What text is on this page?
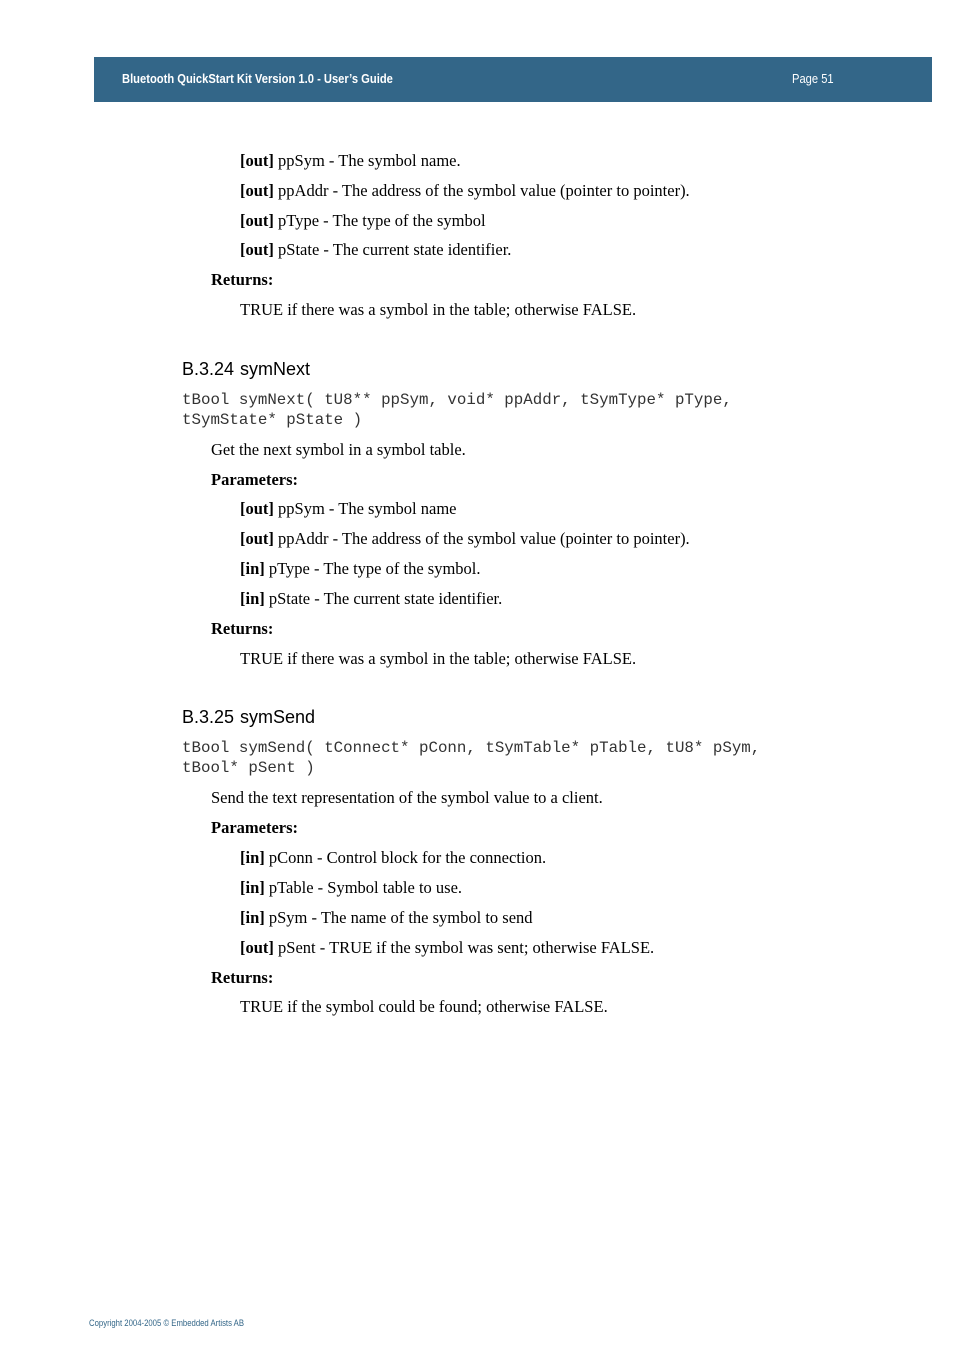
Bluetooth QuickStart Kit Version 1.0 - User’s Guide	Page 51
[out] ppSym - The symbol name.
[out] ppAddr - The address of the symbol value (pointer to pointer).
[out] pType - The type of the symbol
[out] pState - The current state identifier.
Returns:
TRUE if there was a symbol in the table; otherwise FALSE.
B.3.24 symNext
tBool symNext( tU8** ppSym, void* ppAddr, tSymType* pType,
tSymState* pState )
Get the next symbol in a symbol table.
Parameters:
[out] ppSym - The symbol name
[out] ppAddr - The address of the symbol value (pointer to pointer).
[in] pType - The type of the symbol.
[in] pState - The current state identifier.
Returns:
TRUE if there was a symbol in the table; otherwise FALSE.
B.3.25 symSend
tBool symSend( tConnect* pConn, tSymTable* pTable, tU8* pSym,
tBool* pSent )
Send the text representation of the symbol value to a client.
Parameters:
[in] pConn - Control block for the connection.
[in] pTable - Symbol table to use.
[in] pSym - The name of the symbol to send
[out] pSent - TRUE if the symbol was sent; otherwise FALSE.
Returns:
TRUE if the symbol could be found; otherwise FALSE.
Copyright 2004-2005 © Embedded Artists AB
